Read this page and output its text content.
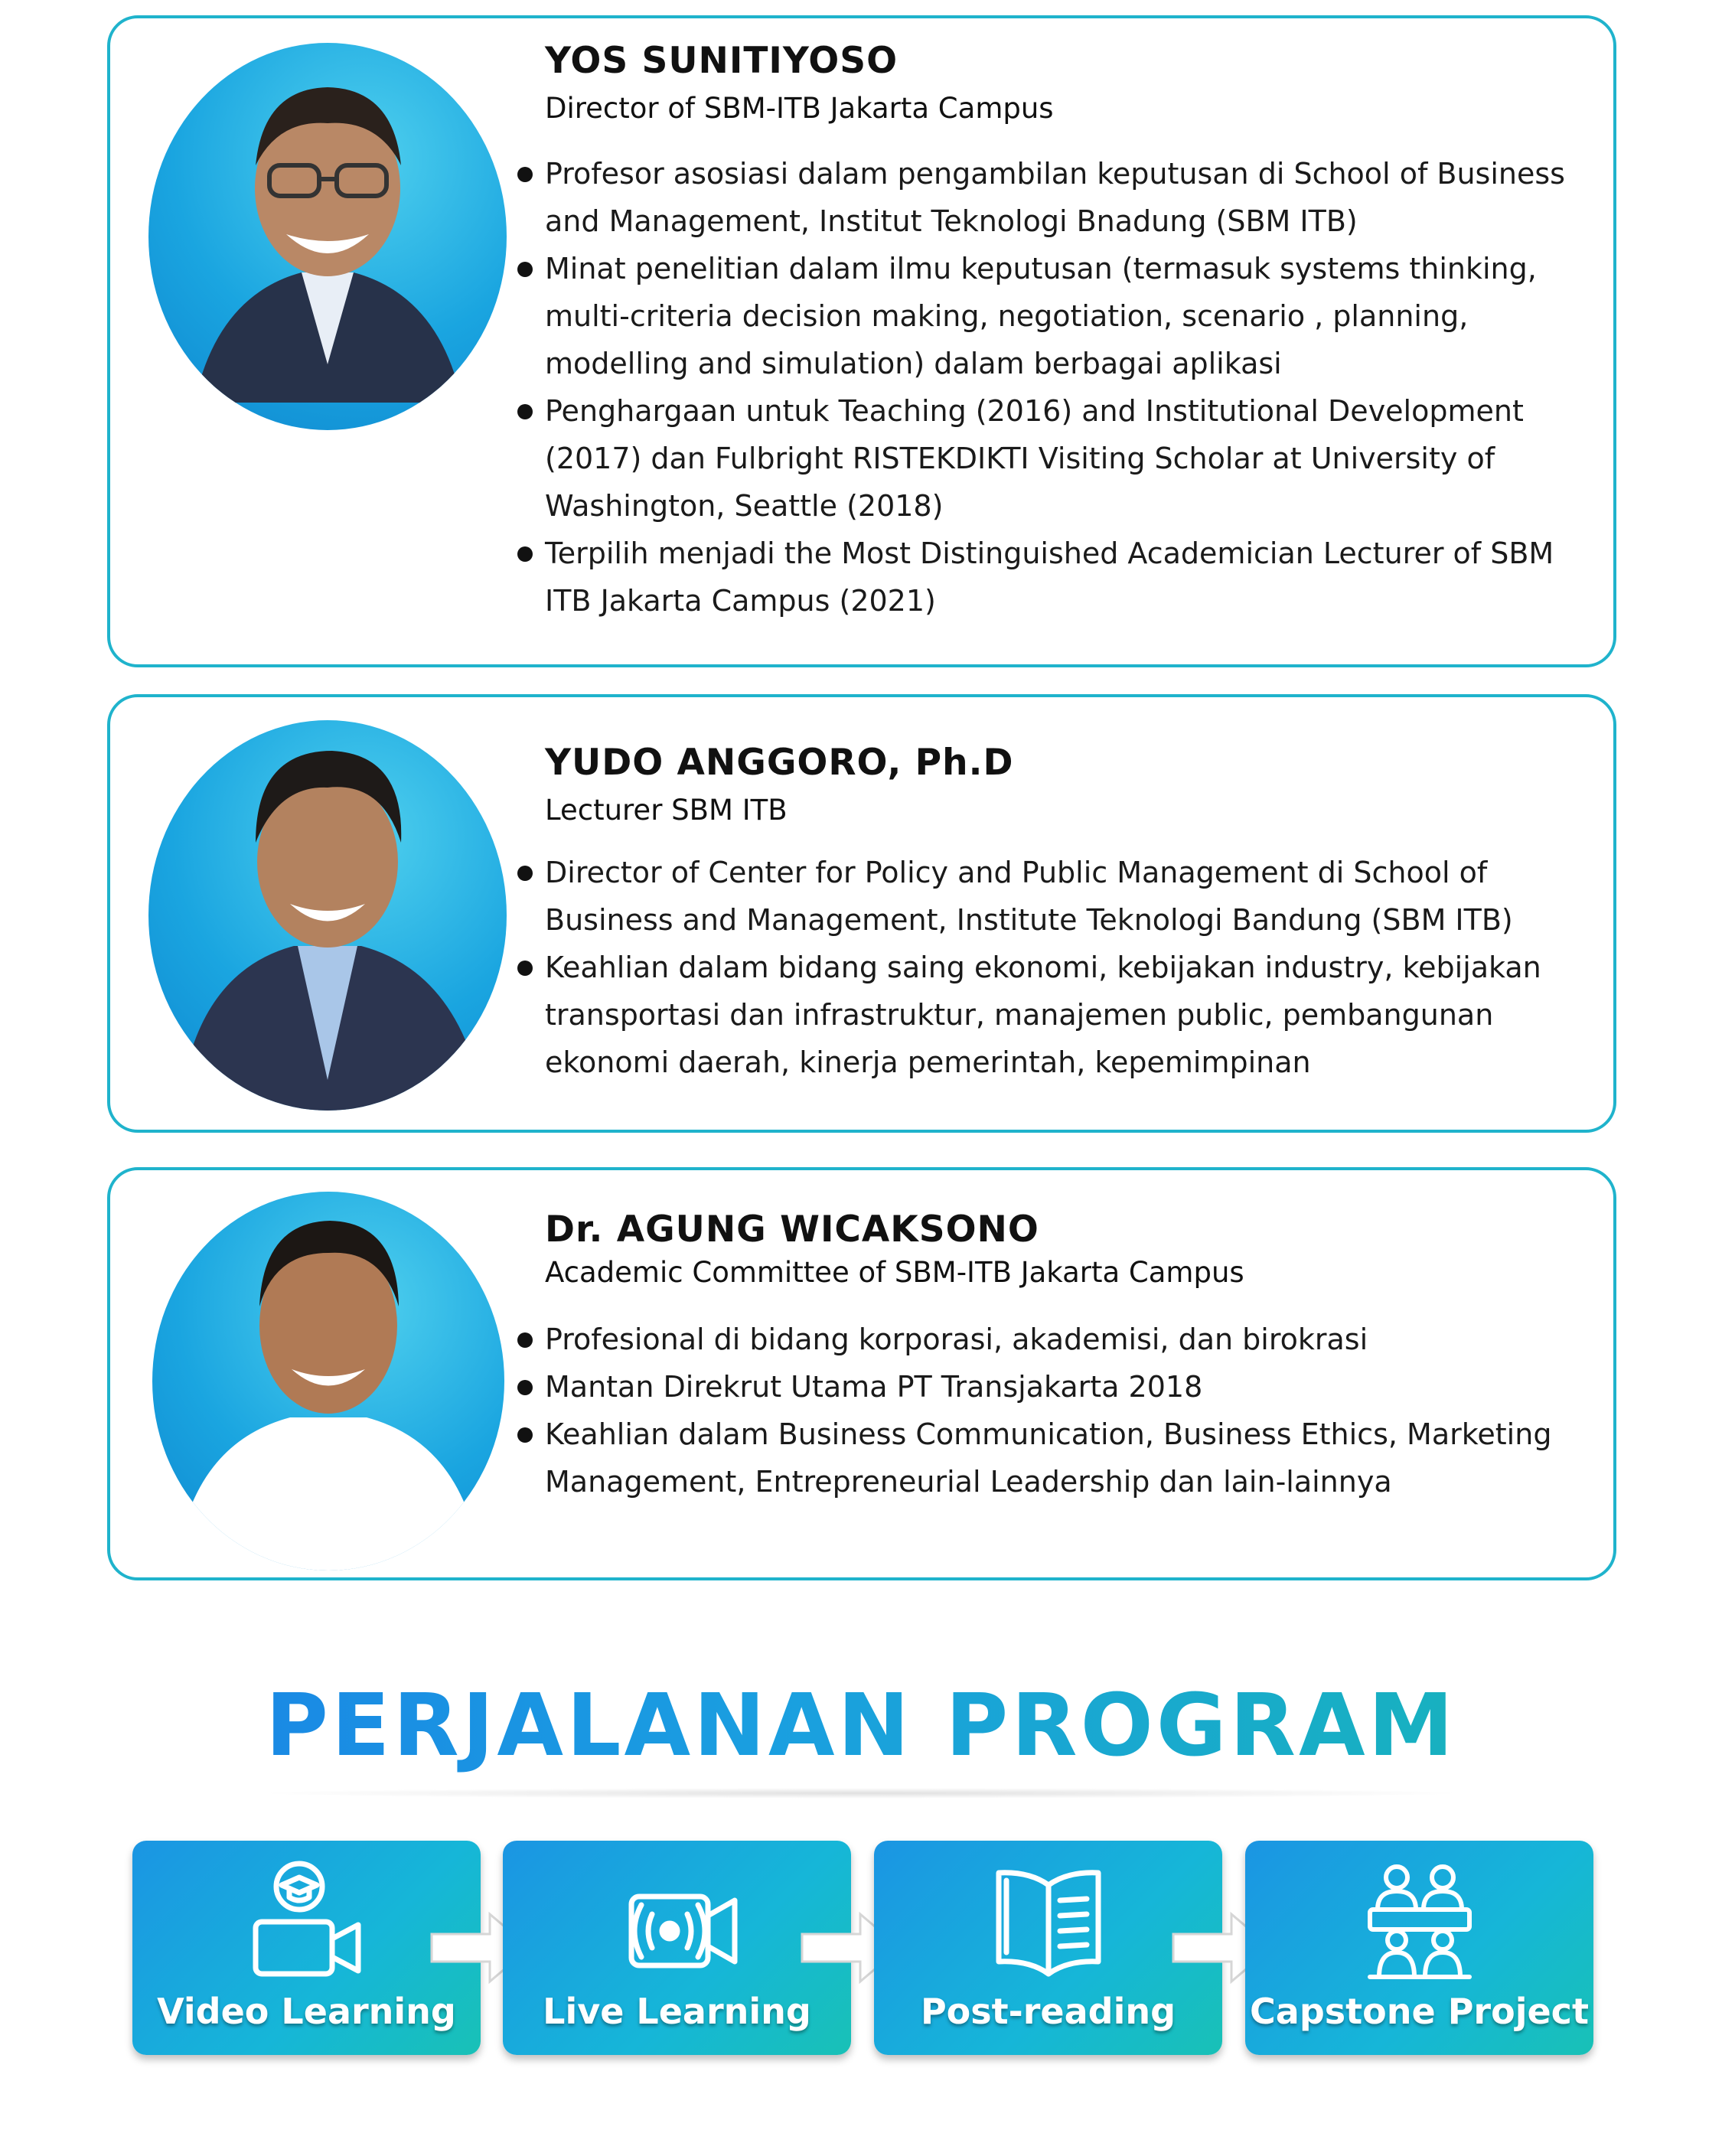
YOS SUNITIYOSO
Director of SBM-ITB Jakarta Campus
Profesor asosiasi dalam pengambilan keputusan di School of Business and Management, Institut Teknologi Bnadung (SBM ITB)
Minat penelitian dalam ilmu keputusan (termasuk systems thinking, multi-criteria decision making, negotiation, scenario , planning, modelling and simulation) dalam berbagai aplikasi
Penghargaan untuk Teaching (2016) and Institutional Development (2017) dan Fulbright RISTEKDIKTI Visiting Scholar at University of Washington, Seattle (2018)
Terpilih menjadi the Most Distinguished Academician Lecturer of SBM ITB Jakarta Campus (2021)
YUDO ANGGORO, Ph.D
Lecturer SBM ITB
Director of Center for Policy and Public Management di School of Business and Management, Institute Teknologi Bandung (SBM ITB)
Keahlian dalam bidang saing ekonomi, kebijakan industry, kebijakan transportasi dan infrastruktur, manajemen public, pembangunan ekonomi daerah, kinerja pemerintah, kepemimpinan
Dr. AGUNG WICAKSONO
Academic Committee of SBM-ITB Jakarta Campus
Profesional di bidang korporasi, akademisi, dan birokrasi
Mantan Direkrut Utama PT Transjakarta 2018
Keahlian dalam Business Communication, Business Ethics, Marketing Management, Entrepreneurial Leadership dan lain-lainnya
PERJALANAN PROGRAM
Video Learning	Live Learning	Post-reading	Capstone Project
